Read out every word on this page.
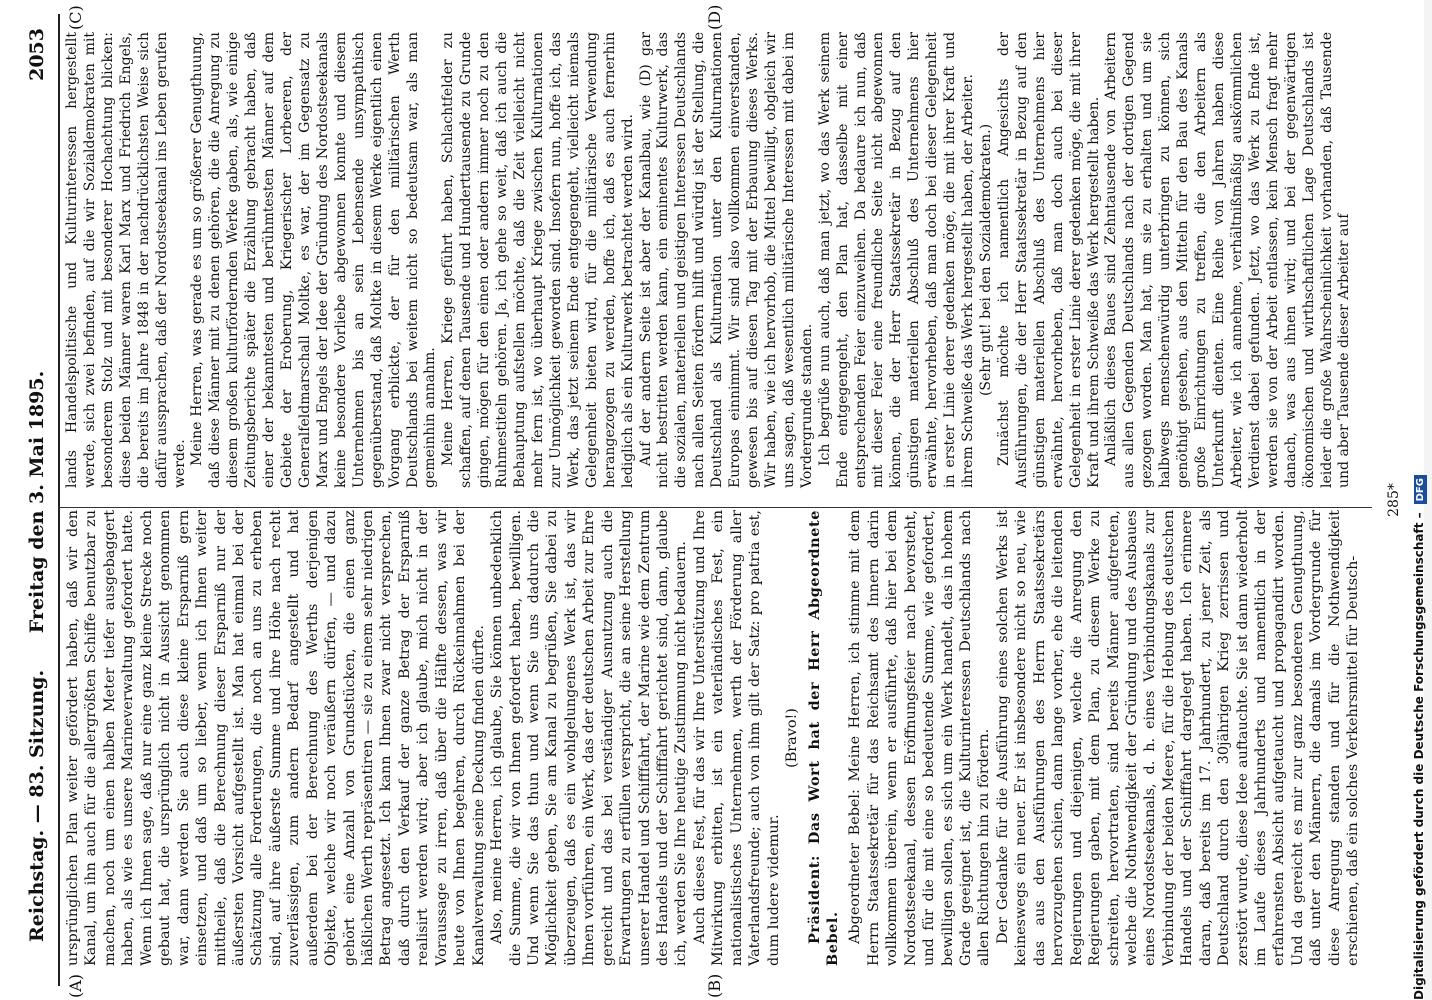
Reichstag. — 83. Sitzung.
Freitag den 3. Mai 1895.
2053
(A)
(C)
(B)
(D)

ursprünglichen Plan weiter gefördert haben, daß wir den Kanal, um ihn auch für die allergrößten Schiffe benutzbar zu machen, noch um einen halben Meter tiefer ausgebaggert haben, als wie es unsere Marineverwaltung gefordert hatte. Wenn ich Ihnen sage, daß nur eine ganz kleine Strecke noch gebaut hat, die ursprünglich nicht in Aussicht genommen war, dann werden Sie auch diese kleine Ersparniß gern einsetzen, und daß um so lieber, wenn ich Ihnen weiter mittheile, daß die Berechnung dieser Ersparniß nur der äußersten Vorsicht aufgestellt ist. Man hat einmal bei der Schätzung alle Forderungen, die noch an uns zu erheben sind, auf ihre äußerste Summe und ihre Höhe nach recht zuverlässigen, zum andern Bedarf angestellt und hat außerdem bei der Berechnung des Werths derjenigen Objekte, welche wir noch veräußern dürfen, — und dazu gehört eine Anzahl von Grundstücken, die einen ganz häßlichen Werth repräsentiren — sie zu einem sehr niedrigen Betrag angesetzt. Ich kann Ihnen zwar nicht versprechen, daß durch den Verkauf der ganze Betrag der Ersparniß realisirt werden wird; aber ich glaube, mich nicht in der Voraussage zu irren, daß über die Hälfte dessen, was wir heute von Ihnen begehren, durch Rückeinnahmen bei der Kanalverwaltung seine Deckung finden dürfte. Also, meine Herren, ich glaube, Sie können unbedenklich die Summe, die wir von Ihnen gefordert haben, bewilligen. Und wenn Sie das thun und wenn Sie uns dadurch die Möglichkeit geben, Sie am Kanal zu begrüßen, Sie dabei zu überzeugen, daß es ein wohlgelungenes Werk ist, das wir Ihnen vorführen, ein Werk, das der deutschen Arbeit zur Ehre gereicht und das bei verständiger Ausnutzung auch die Erwartungen zu erfüllen verspricht, die an seine Herstellung unserer Handel und Schifffahrt, der Marine wie dem Zentrum des Handels und der Schifffahrt gerichtet sind, dann, glaube ich, werden Sie Ihre heutige Zustimmung nicht bedauern. Auch dieses Fest, für das wir Ihre Unterstützung und Ihre Mitwirkung erbitten, ist ein vaterländisches Fest, ein nationalistisches Unternehmen, werth der Förderung aller Vaterlandsfreunde; auch von ihm gilt der Satz: pro patria est, dum ludere videmur.

(Bravo!) Präsident: Das Wort hat der Herr Abgeordnete Bebel. Abgeordneter Bebel: Meine Herren, ich stimme mit dem Herrn Staatssekretär für das Reichsamt des Innern darin vollkommen überein, wenn er ausführte, daß hier bei dem Nordostseekanal, dessen Eröffnungsfeier nach bevorsteht, und für die mit eine so bedeutende Summe, wie gefordert, bewilligen sollen, es sich um ein Werk handelt, das in hohem Grade geeignet ist, die Kulturinteressen Deutschlands nach allen Richtungen hin zu fördern. Der Gedanke für die Ausführung eines solchen Werks ist keineswegs ein neuer. Er ist insbesondere nicht so neu, wie das aus den Ausführungen des Herrn Staatssekretärs hervorzugehen schien, dann lange vorher, ehe die leitenden Regierungen und diejenigen, welche die Anregung den Regierungen gaben, mit dem Plan, zu diesem Werke zu schreiten, hervortraten, sind bereits Männer aufgetreten, welche die Nothwendigkeit der Gründung und des Ausbaues eines Nordostseekanals, d. h. eines Verbindungskanals zur Verbindung der beiden Meere, für die Hebung des deutschen Handels und der Schifffahrt dargelegt haben. Ich erinnere daran, daß bereits im 17. Jahrhundert, zu jener Zeit, als Deutschland durch den 30jährigen Krieg zerrissen und zerstört wurde, diese Idee auftauchte. Sie ist dann wiederholt im Laufe dieses Jahrhunderts und namentlich in der erfahrensten Absicht aufgetaucht und propagandirt worden. Und da gereicht es mir zur ganz besonderen Genugthuung, daß unter den Männern, die damals im Vordergrunde für diese Anregung standen und für die Nothwendigkeit erschienen, daß ein solches Verkehrsmittel für Deutsch-

lands Handelspolitische und Kulturinteressen hergestellt werde, sich zwei befinden, auf die wir Sozialdemokraten mit besonderem Stolz und mit besonderer Hochachtung blicken: diese beiden Männer waren Karl Marx und Friedrich Engels, die bereits im Jahre 1848 in der nachdrücklichsten Weise sich dafür aussprachen, daß der Nordostseekanal ins Leben gerufen werde. Meine Herren, was gerade es um so größerer Genugthuung, daß diese Männer mit zu denen gehören, die die Anregung zu diesem großen kulturfördernden Werke gaben, als, wie einige Zeitungsberichte später die Erzählung gebracht haben, daß einer der bekanntesten und berühmtesten Männer auf dem Gebiete der Eroberung, Kriegerischer Lorbeeren, der Generalfeldmarschall Moltke, es war, der im Gegensatz zu Marx und Engels der Idee der Gründung des Nordostseekanals keine besondere Vorliebe abgewonnen konnte und diesem Unternehmen bis an sein Lebensende unsympathisch gegenüberstand, daß Moltke in diesem Werke eigentlich einen Vorgang erblickte, der für den militärischen Werth Deutschlands bei weitem nicht so bedeutsam war, als man gemeinhin annahm. Meine Herren, Kriege geführt haben, Schlachtfelder zu schaffen, auf denen Tausende und Hunderttausende zu Grunde gingen, mögen für den einen oder andern immer noch zu den Ruhmestiteln gehören. Ja, ich gehe so weit, daß ich auch die Behauptung aufstellen möchte, daß die Zeit vielleicht nicht mehr fern ist, wo überhaupt Kriege zwischen Kulturnationen zur Unmöglichkeit geworden sind. Insofern nun, hoffe ich, das Werk, das jetzt seinem Ende entgegengeht, vielleicht niemals Gelegenheit bieten wird, für die militärische Verwendung herangezogen zu werden, hoffe ich, daß es auch fernerhin lediglich als ein Kulturwerk betrachtet werden wird. Auf der andern Seite ist aber der Kanalbau, wie (D) gar nicht bestritten werden kann, ein eminentes Kulturwerk, das die sozialen, materiellen und geistigen Interessen Deutschlands nach allen Seiten fördern hilft und würdig ist der Stellung, die Deutschland als Kulturnation unter den Kulturnationen Europas einnimmt. Wir sind also vollkommen einverstanden, gewesen bis auf diesen Tag mit der Erbauung dieses Werks. Wir haben, wie ich hervorhob, die Mittel bewilligt, obgleich wir uns sagen, daß wesentlich militärische Interessen mit dabei im Vordergrunde standen. Ich begrüße nun auch, daß man jetzt, wo das Werk seinem Ende entgegengeht, den Plan hat, dasselbe mit einer entsprechenden Feier einzuweihen. Da bedaure ich nun, daß mit dieser Feier eine freundliche Seite nicht abgewonnen können, die der Herr Staatssekretär in Bezug auf den günstigen materiellen Abschluß des Unternehmens hier erwähnte, hervorheben, daß man doch bei dieser Gelegenheit in erster Linie derer gedenken möge, die mit ihrer Kraft und ihrem Schweiße das Werk hergestellt haben, der Arbeiter. (Sehr gut! bei den Sozialdemokraten.) Zunächst möchte ich namentlich Angesichts der Ausführungen, die der Herr Staatssekretär in Bezug auf den günstigen materiellen Abschluß des Unternehmens hier erwähnte, hervorheben, daß man doch auch bei dieser Gelegenheit in erster Linie derer gedenken möge, die mit ihrer Kraft und ihrem Schweiße das Werk hergestellt haben. Anläßlich dieses Baues sind Zehntausende von Arbeitern aus allen Gegenden Deutschlands nach der dortigen Gegend gezogen worden. Man hat, um sie zu erhalten und um sie halbwegs menschenwürdig unterbringen zu können, sich genöthigt gesehen, aus den Mitteln für den Bau des Kanals große Einrichtungen zu treffen, die den Arbeitern als Unterkunft dienten. Eine Reihe von Jahren haben diese Arbeiter, wie ich annehme, verhältnißmäßig auskömmlichen Verdienst dabei gefunden. Jetzt, wo das Werk zu Ende ist, werden sie von der Arbeit entlassen, kein Mensch fragt mehr danach, was aus ihnen wird; und bei der gegenwärtigen ökonomischen und wirthschaftlichen Lage Deutschlands ist leider die große Wahrscheinlichkeit vorhanden, daß Tausende und aber Tausende dieser Arbeiter auf

285*
Digitalisierung gefördert durch die Deutsche Forschungsgemeinschaft –DFG
